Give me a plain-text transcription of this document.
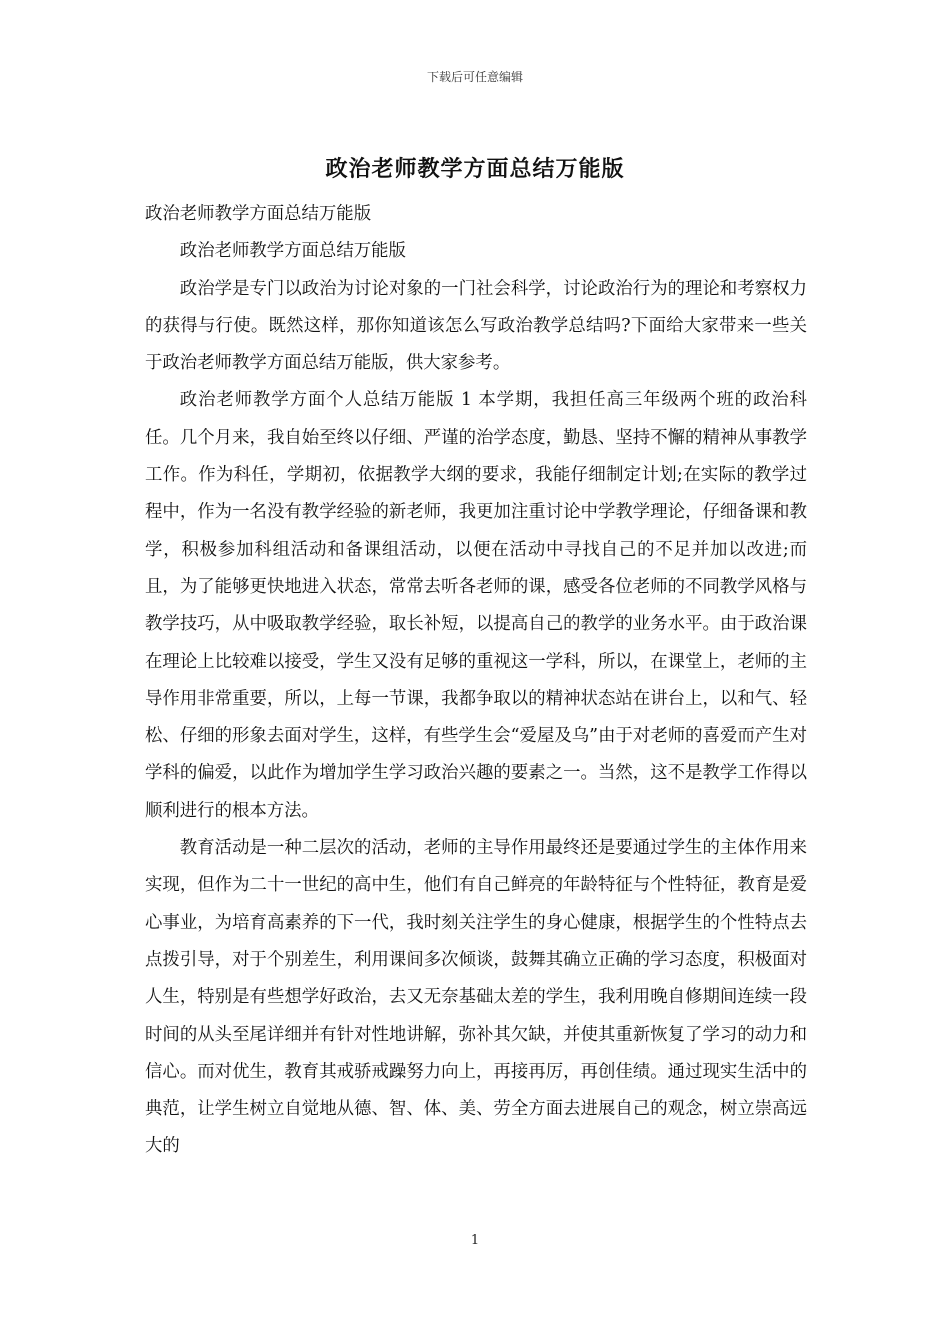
下载后可任意编辑
政治老师教学方面总结万能版

政治老师教学方面总结万能版

政治老师教学方面总结万能版

政治学是专门以政治为讨论对象的一门社会科学，讨论政治行为的理论和考察权力的获得与行使。既然这样，那你知道该怎么写政治教学总结吗?下面给大家带来一些关于政治老师教学方面总结万能版，供大家参考。

政治老师教学方面个人总结万能版 1 本学期，我担任高三年级两个班的政治科任。几个月来，我自始至终以仔细、严谨的治学态度，勤恳、坚持不懈的精神从事教学工作。作为科任，学期初，依据教学大纲的要求，我能仔细制定计划;在实际的教学过程中，作为一名没有教学经验的新老师，我更加注重讨论中学教学理论，仔细备课和教学，积极参加科组活动和备课组活动，以便在活动中寻找自己的不足并加以改进;而且，为了能够更快地进入状态，常常去听各老师的课，感受各位老师的不同教学风格与教学技巧，从中吸取教学经验，取长补短，以提高自己的教学的业务水平。由于政治课在理论上比较难以接受，学生又没有足够的重视这一学科，所以，在课堂上，老师的主导作用非常重要，所以，上每一节课，我都争取以的精神状态站在讲台上，以和气、轻松、仔细的形象去面对学生，这样，有些学生会“爱屋及乌”由于对老师的喜爱而产生对学科的偏爱，以此作为增加学生学习政治兴趣的要素之一。当然，这不是教学工作得以顺利进行的根本方法。

教育活动是一种二层次的活动，老师的主导作用最终还是要通过学生的主体作用来实现，但作为二十一世纪的高中生，他们有自己鲜亮的年龄特征与个性特征，教育是爱心事业，为培育高素养的下一代，我时刻关注学生的身心健康，根据学生的个性特点去点拨引导，对于个别差生，利用课间多次倾谈，鼓舞其确立正确的学习态度，积极面对人生，特别是有些想学好政治，去又无奈基础太差的学生，我利用晚自修期间连续一段时间的从头至尾详细并有针对性地讲解，弥补其欠缺，并使其重新恢复了学习的动力和信心。而对优生，教育其戒骄戒躁努力向上，再接再厉，再创佳绩。通过现实生活中的典范，让学生树立自觉地从德、智、体、美、劳全方面去进展自己的观念，树立崇高远大的

1
